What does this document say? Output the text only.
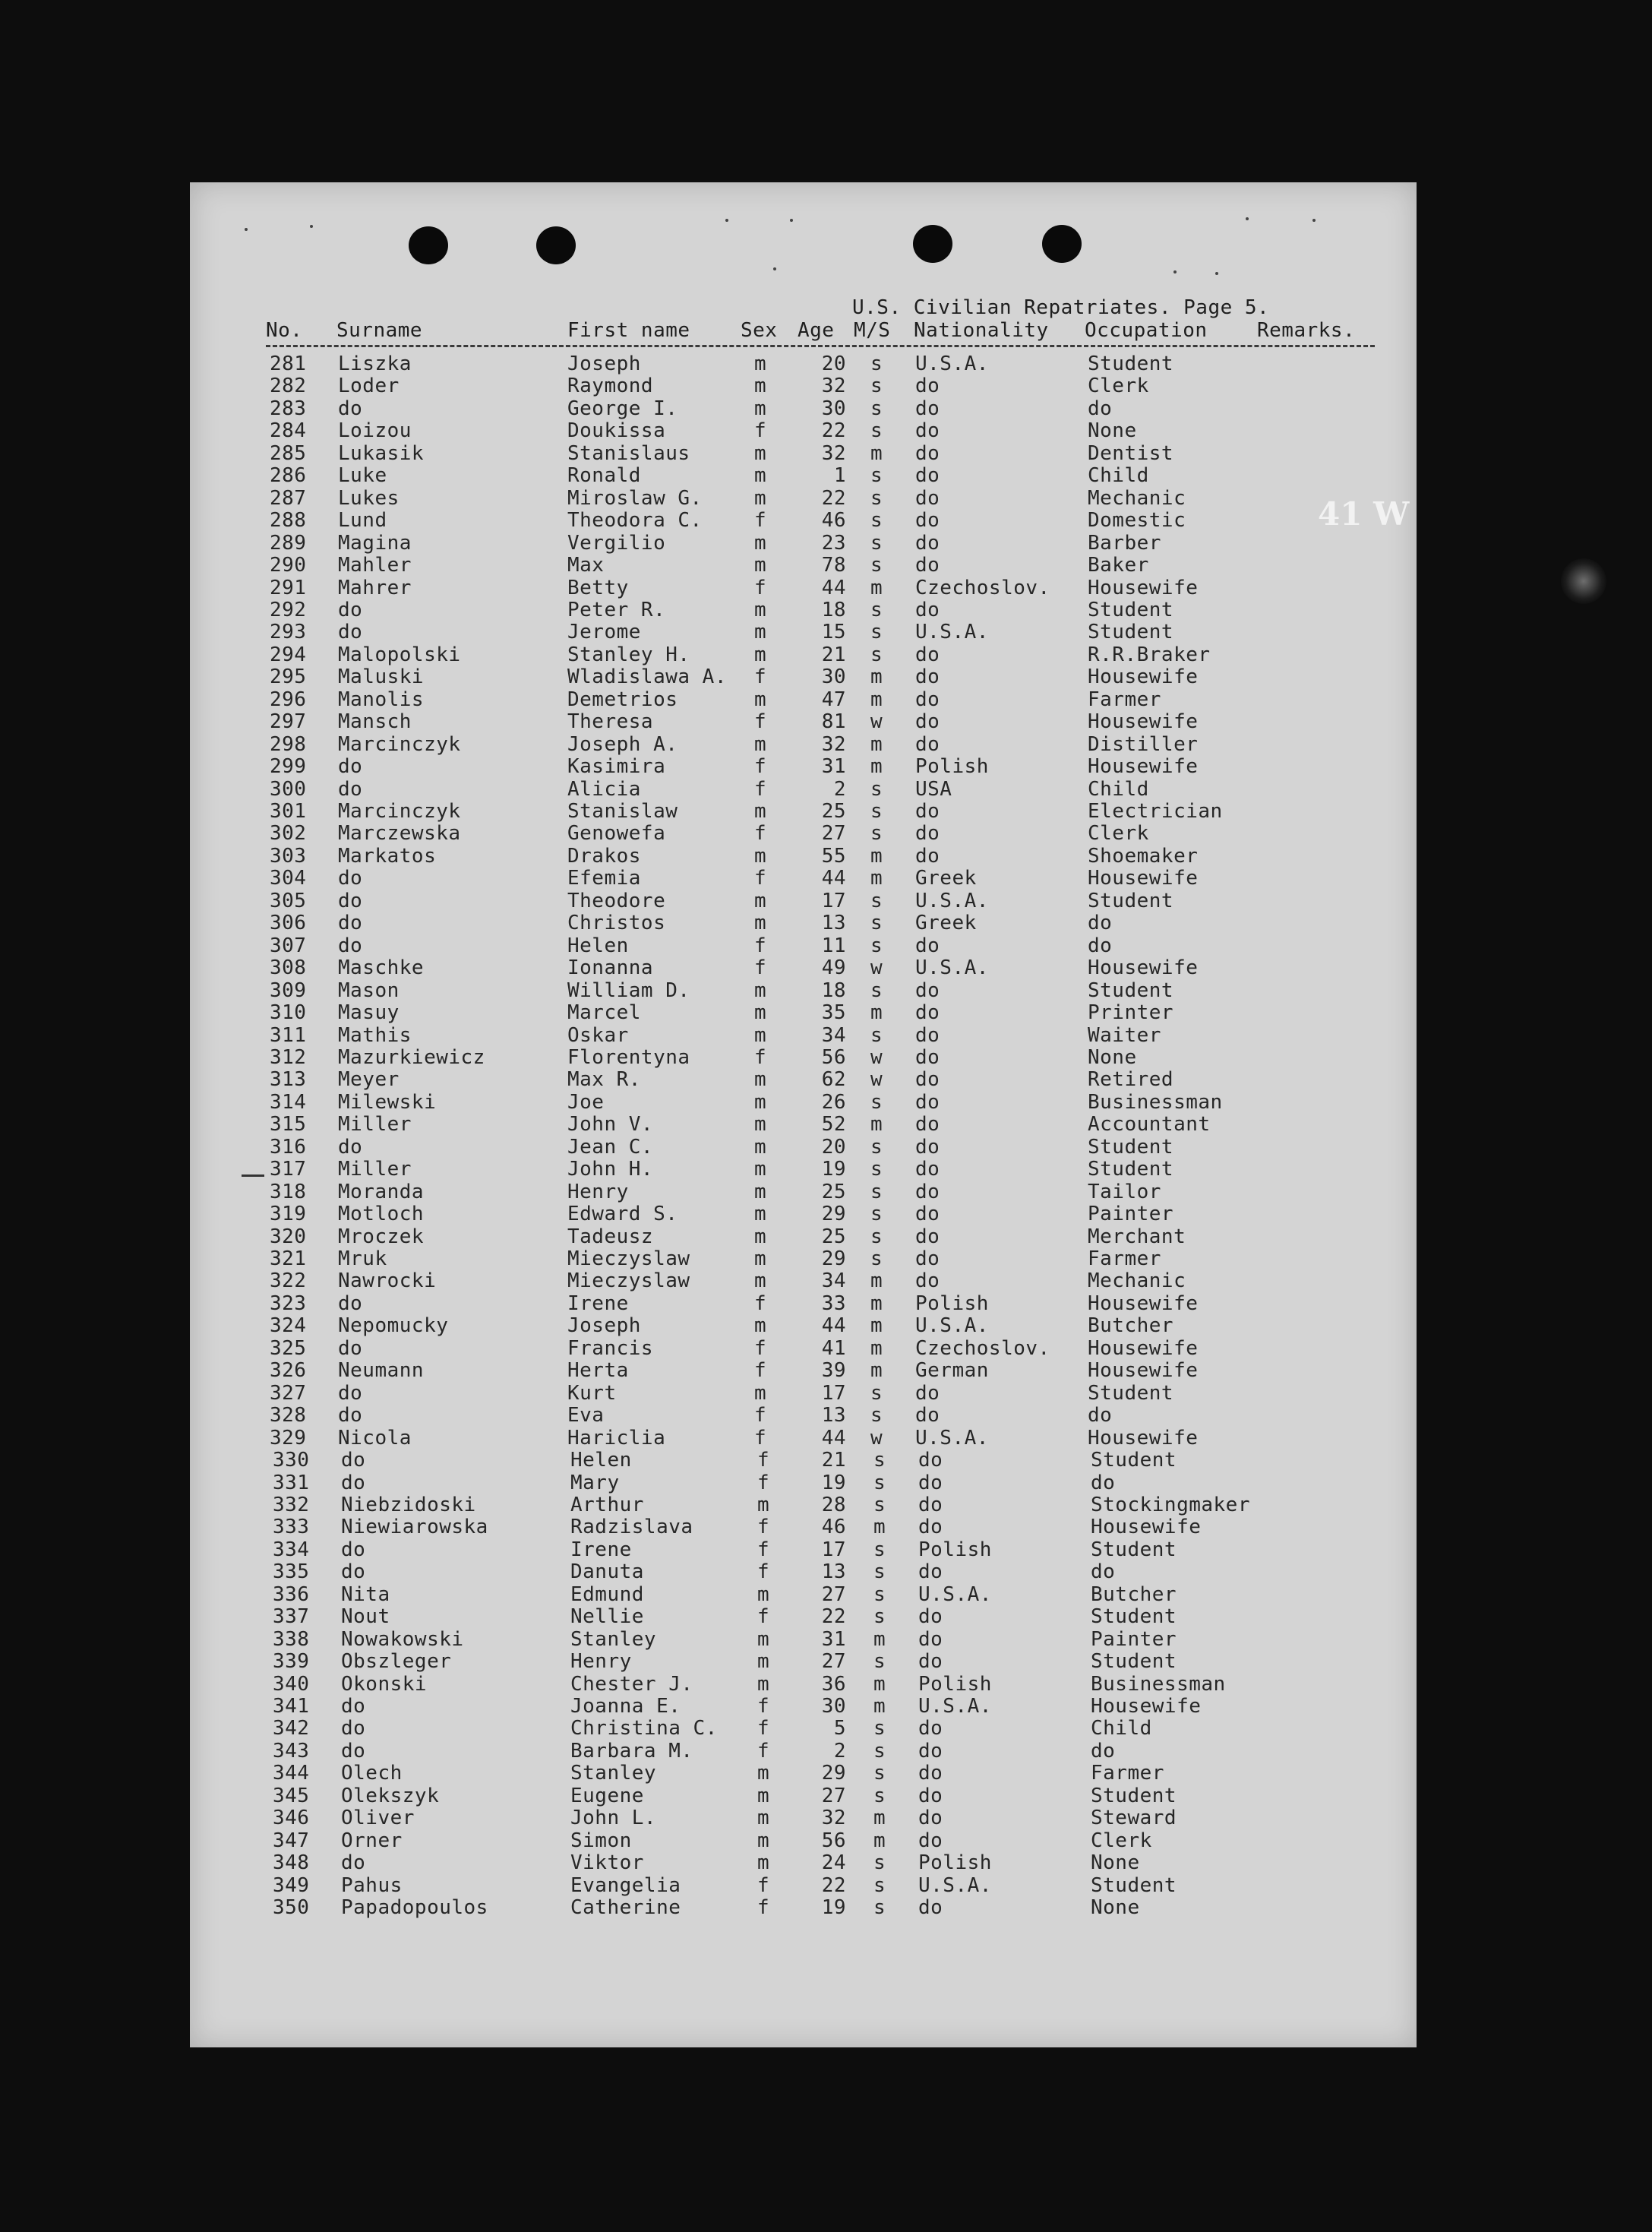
U.S. Civilian Repatriates. Page 5.
No. Surname	First name	Sex Age M/S Nationality Occupation	Remarks.
281 Liszka	Joseph	m	20 s U.S.A.	Student
282 Loder	Raymond	m	32 s do	Clerk
283 do	George I.	m	30 s do	do
284 Loizou	Doukissa	f	22 s do	None
285 Lukasik	Stanislaus	m	32 m do	Dentist
286 Luke	Ronald	m	1 s do	Child
287 Lukes	Miroslaw G.	m	22 s do	Mechanic
288 Lund	Theodora C.	f	46 s do	Domestic
289 Magina	Vergilio	m	23 s do	Barber
290 Mahler	Max	m	78 s do	Baker
291 Mahrer	Betty	f	44 m Czechoslov. Housewife
292 do	Peter R.	m	18 s do	Student
293 do	Jerome	m	15 s U.S.A.	Student
294 Malopolski	Stanley H.	m	21 s do	R.R.Braker
295 Maluski	Wladislawa A. f	30 m do	Housewife
296 Manolis	Demetrios	m	47 m do	Farmer
297 Mansch	Theresa	f	81 w do	Housewife
298 Marcinczyk	Joseph A.	m	32 m do	Distiller
299 do	Kasimira	f	31 m Polish	Housewife
300 do	Alicia	f	2 s USA	Child
301 Marcinczyk	Stanislaw	m	25 s do	Electrician
302 Marczewska	Genowefa	f	27 s do	Clerk
303 Markatos	Drakos	m	55 m do	Shoemaker
304 do	Efemia	f	44 m Greek	Housewife
305 do	Theodore	m	17 s U.S.A.	Student
306 do	Christos	m	13 s Greek	do
307 do	Helen	f	11 s do	do
308 Maschke	Ionanna	f	49 w U.S.A.	Housewife
309 Mason	William D.	m	18 s do	Student
310 Masuy	Marcel	m	35 m do	Printer
311 Mathis	Oskar	m	34 s do	Waiter
312 Mazurkiewicz	Florentyna	f	56 w do	None
313 Meyer	Max R.	m	62 w do	Retired
314 Milewski	Joe	m	26 s do	Businessman
315 Miller	John V.	m	52 m do	Accountant
316 do	Jean C.	m	20 s do	Student
317 Miller	John H.	m	19 s do	Student
318 Moranda	Henry	m	25 s do	Tailor
319 Motloch	Edward S.	m	29 s do	Painter
320 Mroczek	Tadeusz	m	25 s do	Merchant
321 Mruk	Mieczyslaw	m	29 s do	Farmer
322 Nawrocki	Mieczyslaw	m	34 m do	Mechanic
323 do	Irene	f	33 m Polish	Housewife
324 Nepomucky	Joseph	m	44 m U.S.A.	Butcher
325 do	Francis	f	41 m Czechoslov. Housewife
326 Neumann	Herta	f	39 m German	Housewife
327 do	Kurt	m	17 s do	Student
328 do	Eva	f	13 s do	do
329 Nicola	Hariclia	f	44 w U.S.A.	Housewife
330 do	Helen	f	21 s do	Student
331 do	Mary	f	19 s do	do
332 Niebzidoski	Arthur	m	28 s do	Stockingmaker
333 Niewiarowska	Radzislava	f	46 m do	Housewife
334 do	Irene	f	17 s Polish	Student
335 do	Danuta	f	13 s do	do
336 Nita	Edmund	m	27 s U.S.A.	Butcher
337 Nout	Nellie	f	22 s do	Student
338 Nowakowski	Stanley	m	31 m do	Painter
339 Obszleger	Henry	m	27 s do	Student
340 Okonski	Chester J.	m	36 m Polish	Businessman
341 do	Joanna E.	f	30 m U.S.A.	Housewife
342 do	Christina C. f	5 s do	Child
343 do	Barbara M.	f	2 s do	do
344 Olech	Stanley	m	29 s do	Farmer
345 Olekszyk	Eugene	m	27 s do	Student
346 Oliver	John L.	m	32 m do	Steward
347 Orner	Simon	m	56 m do	Clerk
348 do	Viktor	m	24 s Polish	None
349 Pahus	Evangelia	f	22 s U.S.A.	Student
350 Papadopoulos	Catherine	f	19 s do	None
41 W
